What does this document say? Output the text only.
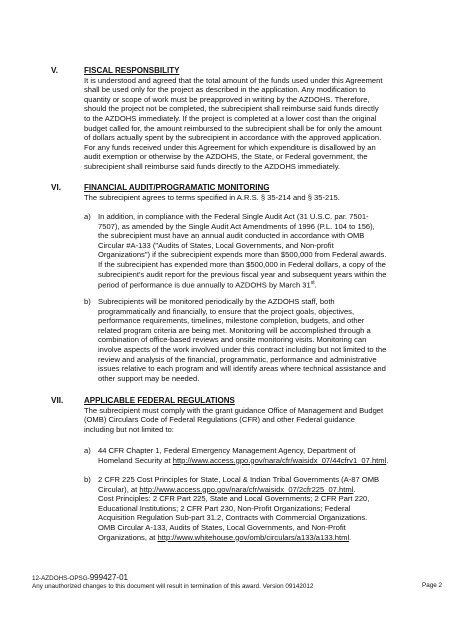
V.	FISCAL RESPONSBILITY
It is understood and agreed that the total amount of the funds used under this Agreement
shall be used only for the project as described in the application. Any modification to
quantity or scope of work must be preapproved in writing by the AZDOHS. Therefore,
should the project not be completed, the subrecipient shall reimburse said funds directly
to the AZDOHS immediately. If the project is completed at a lower cost than the original
budget called for, the amount reimbursed to the subrecipient shall be for only the amount
of dollars actually spent by the subrecipient in accordance with the approved application.
For any funds received under this Agreement for which expenditure is disallowed by an
audit exemption or otherwise by the AZDOHS, the State, or Federal government, the
subrecipient shall reimburse said funds directly to the AZDOHS immediately.
VI.	FINANCIAL AUDIT/PROGRAMATIC MONITORING
The subrecipient agrees to terms specified in A.R.S. § 35-214 and § 35-215.
a) In addition, in compliance with the Federal Single Audit Act (31 U.S.C. par. 7501-
7507), as amended by the Single Audit Act Amendments of 1996 (P.L. 104 to 156),
the subrecipient must have an annual audit conducted in accordance with OMB
Circular #A-133 ("Audits of States, Local Governments, and Non-profit
Organizations") if the subrecipient expends more than $500,000 from Federal awards.
If the subrecipient has expended more than $500,000 in Federal dollars, a copy of the
subrecipient's audit report for the previous fiscal year and subsequent years within the
period of performance is due annually to AZDOHS by March 31st.
b) Subrecipients will be monitored periodically by the AZDOHS staff, both
programmatically and financially, to ensure that the project goals, objectives,
performance requirements, timelines, milestone completion, budgets, and other
related program criteria are being met. Monitoring will be accomplished through a
combination of office-based reviews and onsite monitoring visits. Monitoring can
involve aspects of the work involved under this contract including but not limited to the
review and analysis of the financial, programmatic, performance and administrative
issues relative to each program and will identify areas where technical assistance and
other support may be needed.
VII.	APPLICABLE FEDERAL REGULATIONS
The subrecipient must comply with the grant guidance Office of Management and Budget
(OMB) Circulars Code of Federal Regulations (CFR) and other Federal guidance
including but not limited to:
a) 44 CFR Chapter 1, Federal Emergency Management Agency, Department of
Homeland Security at http://www.access.gpo.gov/nara/cfr/waisidx_07/44cfrv1_07.html.
b) 2 CFR 225 Cost Principles for State, Local & Indian Tribal Governments (A-87 OMB
Circular), at http://www.access.gpo.gov/nara/cfr/waisidx_07/2cfr225_07.html.
Cost Principles: 2 CFR Part 225, State and Local Governments; 2 CFR Part 220,
Educational Institutions; 2 CFR Part 230, Non-Profit Organizations; Federal
Acquisition Regulation Sub-part 31.2, Contracts with Commercial Organizations.
OMB Circular A-133, Audits of States, Local Governments, and Non-Profit
Organizations, at http://www.whitehouse.gov/omb/circulars/a133/a133.html.
12-AZDOHS-OPSG-999427-01
Any unauthorized changes to this document will result in termination of this award. Version 09142012	Page 2
